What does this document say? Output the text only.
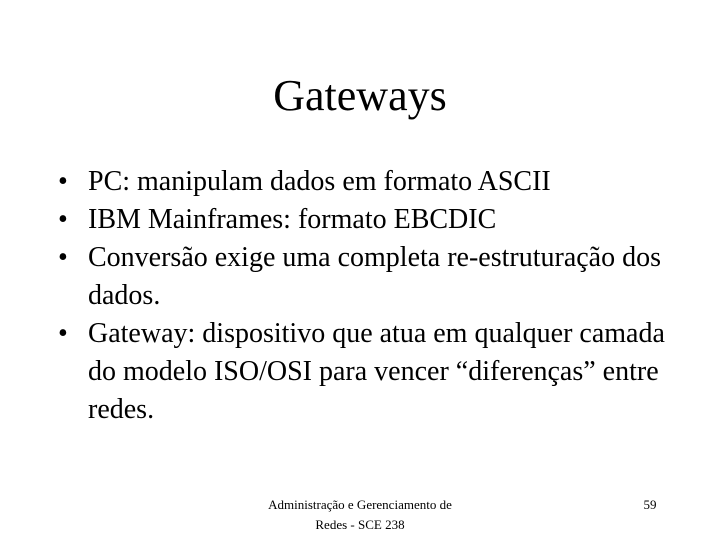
Gateways
• PC: manipulam dados em formato ASCII
• IBM Mainframes: formato EBCDIC
• Conversão exige uma completa re-estruturação dos dados.
• Gateway: dispositivo que atua em qualquer camada do modelo ISO/OSI para vencer “diferenças” entre redes.
Administração e Gerenciamento de
Redes - SCE 238
59
